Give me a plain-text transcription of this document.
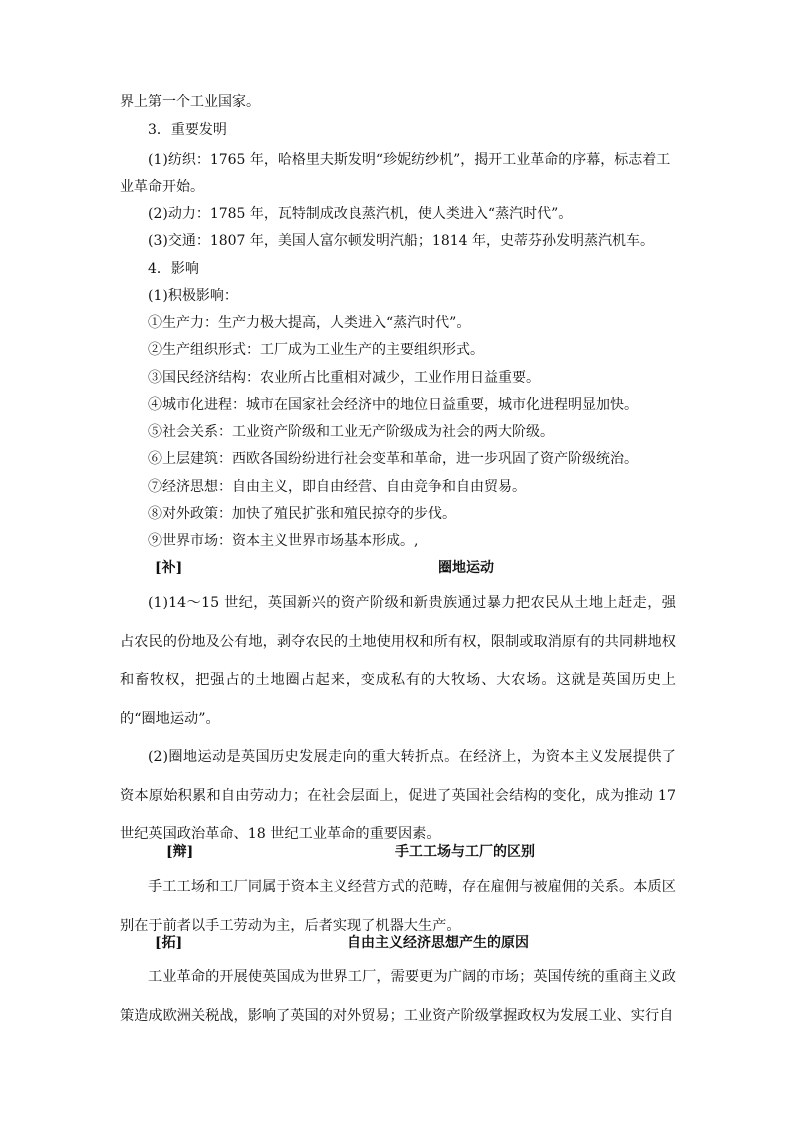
界上第一个工业国家。
3．重要发明
(1)纺织：1765 年，哈格里夫斯发明“珍妮纺纱机”，揭开工业革命的序幕，标志着工
业革命开始。
(2)动力：1785 年，瓦特制成改良蒸汽机，使人类进入“蒸汽时代”。
(3)交通：1807 年，美国人富尔顿发明汽船；1814 年，史蒂芬孙发明蒸汽机车。
4．影响
(1)积极影响：
①生产力：生产力极大提高，人类进入“蒸汽时代”。
②生产组织形式：工厂成为工业生产的主要组织形式。
③国民经济结构：农业所占比重相对减少，工业作用日益重要。
④城市化进程：城市在国家社会经济中的地位日益重要，城市化进程明显加快。
⑤社会关系：工业资产阶级和工业无产阶级成为社会的两大阶级。
⑥上层建筑：西欧各国纷纷进行社会变革和革命，进一步巩固了资产阶级统治。
⑦经济思想：自由主义，即自由经营、自由竞争和自由贸易。
⑧对外政策：加快了殖民扩张和殖民掠夺的步伐。
⑨世界市场：资本主义世界市场基本形成。,
[补]	圈地运动
(1)14～15 世纪，英国新兴的资产阶级和新贵族通过暴力把农民从土地上赶走，强占农民的份地及公有地，剥夺农民的土地使用权和所有权，限制或取消原有的共同耕地权和畜牧权，把强占的土地圈占起来，变成私有的大牧场、大农场。这就是英国历史上的“圈地运动”。
(2)圈地运动是英国历史发展走向的重大转折点。在经济上，为资本主义发展提供了资本原始积累和自由劳动力；在社会层面上，促进了英国社会结构的变化，成为推动 17 世纪英国政治革命、18 世纪工业革命的重要因素。
[辩]	手工工场与工厂的区别
手工工场和工厂同属于资本主义经营方式的范畴，存在雇佣与被雇佣的关系。本质区别在于前者以手工劳动为主，后者实现了机器大生产。
[拓]	自由主义经济思想产生的原因
工业革命的开展使英国成为世界工厂，需要更为广阔的市场；英国传统的重商主义政策造成欧洲关税战，影响了英国的对外贸易；工业资产阶级掌握政权为发展工业、实行自
